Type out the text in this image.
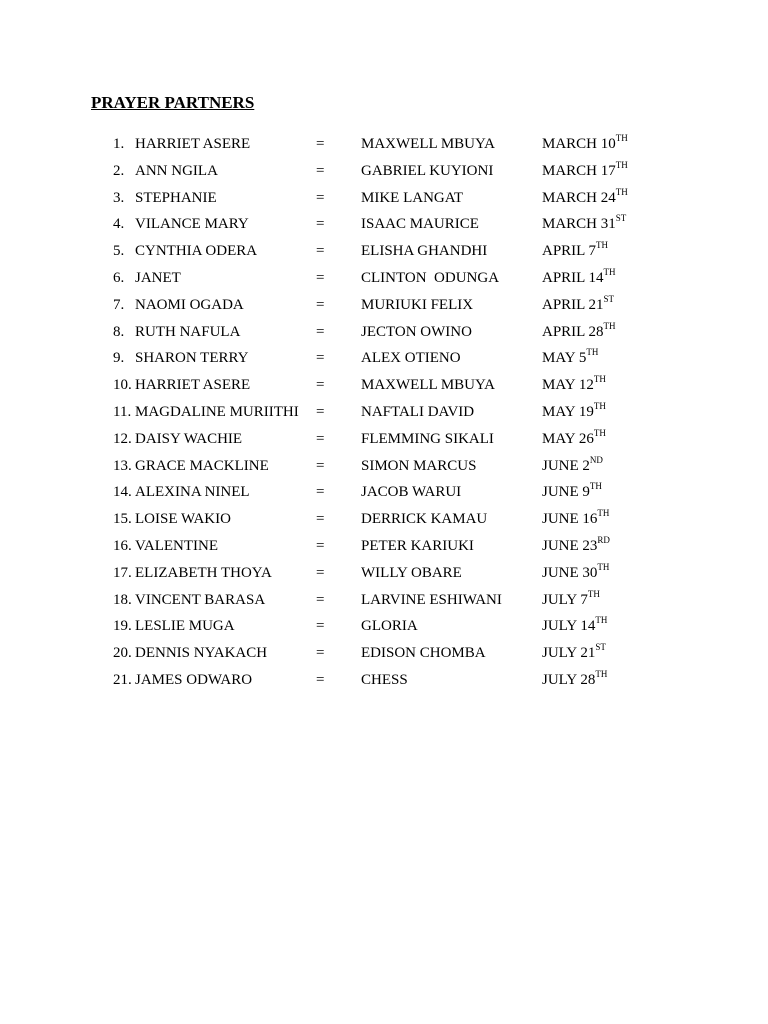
PRAYER PARTNERS
1. HARRIET ASERE	= MAXWELL MBUYA	MARCH 10TH
2. ANN NGILA	= GABRIEL KUYIONI	MARCH 17TH
3. STEPHANIE	= MIKE LANGAT	MARCH 24TH
4. VILANCE MARY	= ISAAC MAURICE	MARCH 31ST
5. CYNTHIA ODERA	= ELISHA GHANDHI	APRIL 7TH
6. JANET	= CLINTON  ODUNGA	APRIL 14TH
7. NAOMI OGADA	= MURIUKI FELIX	APRIL 21ST
8. RUTH NAFULA	= JECTON OWINO	APRIL 28TH
9. SHARON TERRY	= ALEX OTIENO	MAY 5TH
10. HARRIET ASERE	= MAXWELL MBUYA	MAY 12TH
11. MAGDALINE MURIITHI = NAFTALI DAVID	MAY 19TH
12. DAISY WACHIE	= FLEMMING SIKALI	MAY 26TH
13. GRACE MACKLINE	= SIMON MARCUS	JUNE 2ND
14. ALEXINA NINEL	= JACOB WARUI	JUNE 9TH
15. LOISE WAKIO	= DERRICK KAMAU	JUNE 16TH
16. VALENTINE	= PETER KARIUKI	JUNE 23RD
17. ELIZABETH THOYA	= WILLY OBARE	JUNE 30TH
18. VINCENT BARASA	= LARVINE ESHIWANI	JULY 7TH
19. LESLIE MUGA	= GLORIA	JULY 14TH
20. DENNIS NYAKACH	= EDISON CHOMBA	JULY 21ST
21. JAMES ODWARO	= CHESS	JULY 28TH
